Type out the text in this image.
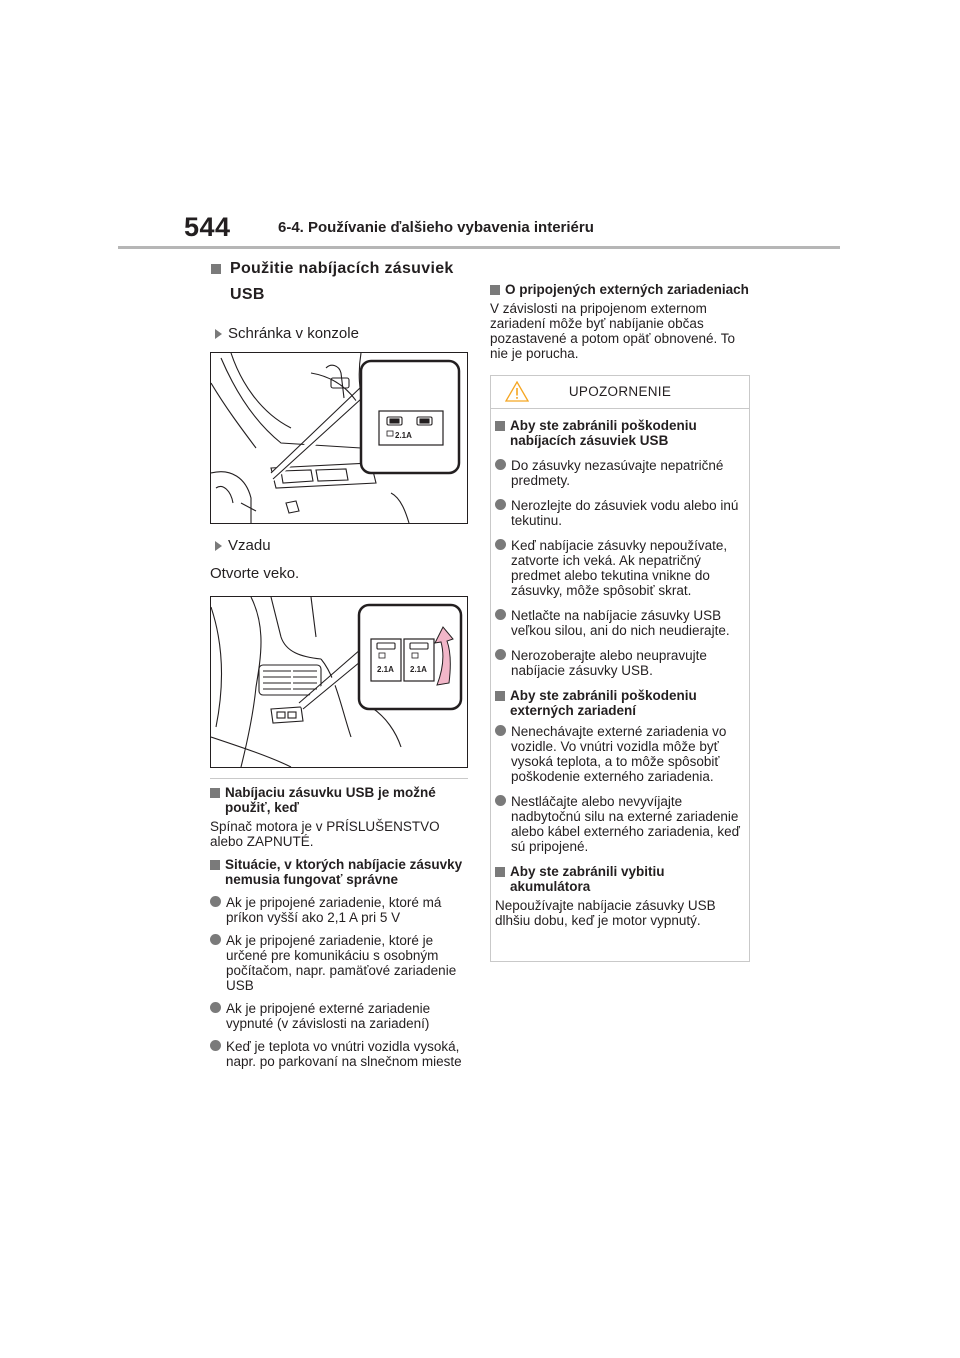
544	6-4. Používanie ďalšieho vybavenia interiéru
Použitie nabíjacích zásuviek USB
Schránka v konzole
2.1A
Vzadu
Otvorte veko.
2.1A 2.1A
Nabíjaciu zásuvku USB je možné použiť, keď
Spínač motora je v PRÍSLUŠENSTVO alebo ZAPNUTÉ.
Situácie, v ktorých nabíjacie zásuvky nemusia fungovať správne
Ak je pripojené zariadenie, ktoré má príkon vyšší ako 2,1 A pri 5 V
Ak je pripojené zariadenie, ktoré je určené pre komunikáciu s osobným počítačom, napr. pamäťové zariadenie USB
Ak je pripojené externé zariadenie vypnuté (v závislosti na zariadení)
Keď je teplota vo vnútri vozidla vysoká, napr. po parkovaní na slnečnom mieste
O pripojených externých zariadeniach
V závislosti na pripojenom externom zariadení môže byť nabíjanie občas pozastavené a potom opäť obnovené. To nie je porucha.
UPOZORNENIE
Aby ste zabránili poškodeniu nabíjacích zásuviek USB
Do zásuvky nezasúvajte nepatričné predmety.
Nerozlejte do zásuviek vodu alebo inú tekutinu.
Keď nabíjacie zásuvky nepoužívate, zatvorte ich veká. Ak nepatričný predmet alebo tekutina vnikne do zásuvky, môže spôsobiť skrat.
Netlačte na nabíjacie zásuvky USB veľkou silou, ani do nich neudierajte.
Nerozoberajte alebo neupravujte nabíjacie zásuvky USB.
Aby ste zabránili poškodeniu externých zariadení
Nenechávajte externé zariadenia vo vozidle. Vo vnútri vozidla môže byť vysoká teplota, a to môže spôsobiť poškodenie externého zariadenia.
Nestláčajte alebo nevyvíjajte nadbytočnú silu na externé zariadenie alebo kábel externého zariadenia, keď sú pripojené.
Aby ste zabránili vybitiu akumulátora
Nepoužívajte nabíjacie zásuvky USB dlhšiu dobu, keď je motor vypnutý.
